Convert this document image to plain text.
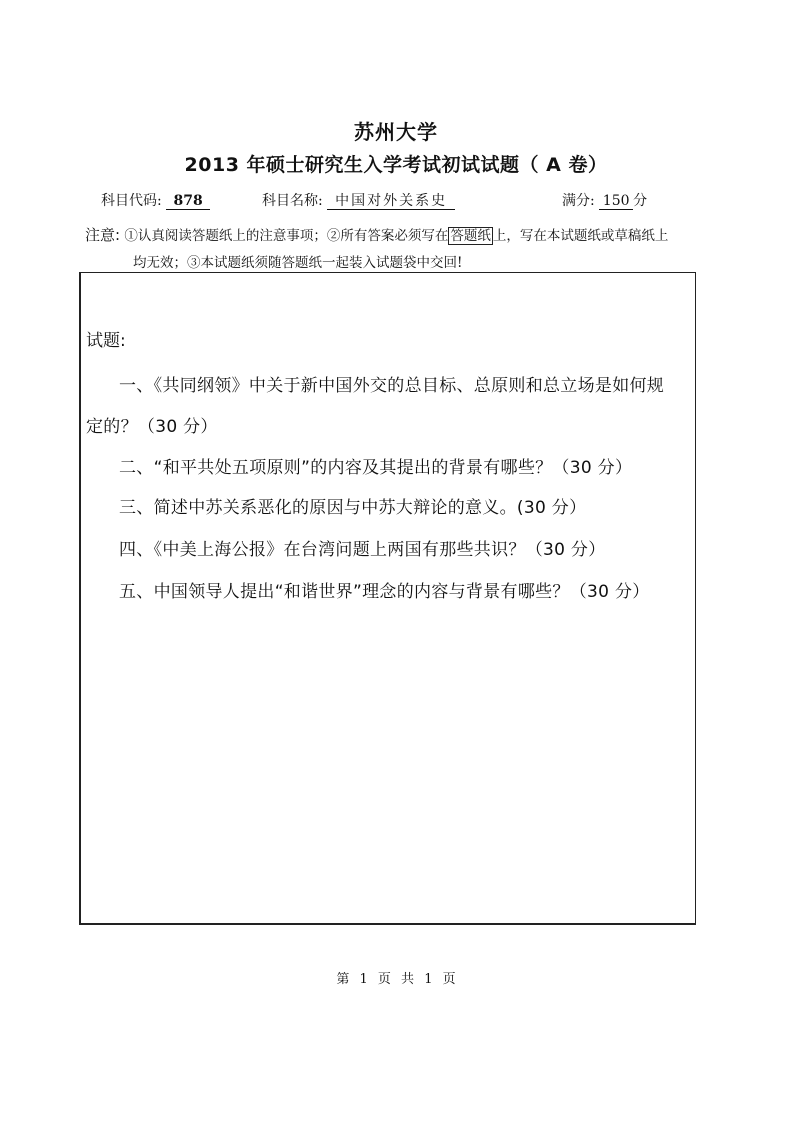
苏州大学
2013 年硕士研究生入学考试初试试题（ A 卷）
科目代码: 878	科目名称: 中国对外关系史	满分: 150 分
注意: ①认真阅读答题纸上的注意事项；②所有答案必须写在 答题纸 上，写在本试题纸或草稿纸上
均无效；③本试题纸须随答题纸一起装入试题袋中交回!
试题:
一、《共同纲领》中关于新中国外交的总目标、总原则和总立场是如何规
定的？（30 分）
二、“和平共处五项原则”的内容及其提出的背景有哪些？（30 分）
三、简述中苏关系恶化的原因与中苏大辩论的意义。(30 分）
四、《中美上海公报》在台湾问题上两国有那些共识？（30 分）
五、中国领导人提出“和谐世界”理念的内容与背景有哪些？（30 分）
第 1 页 共 1 页
